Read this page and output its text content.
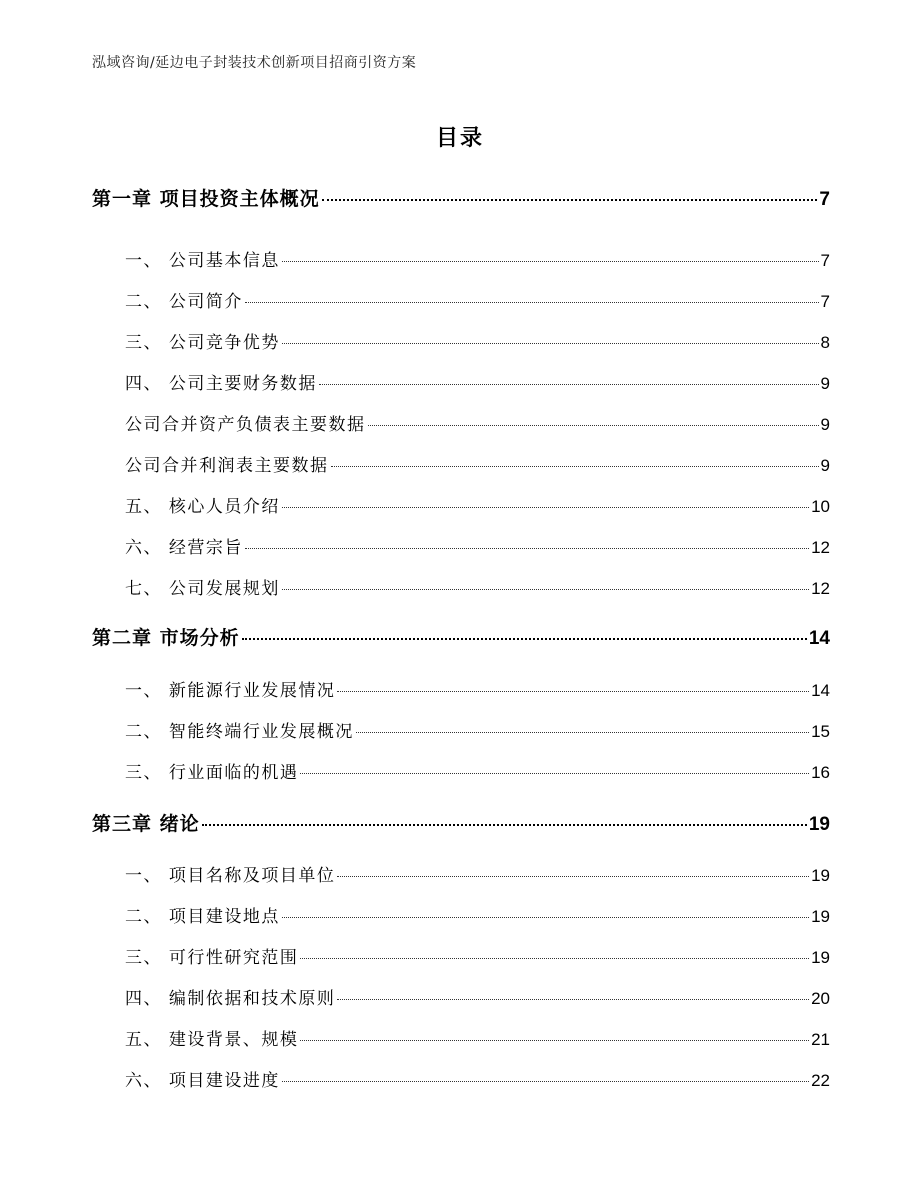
泓域咨询/延边电子封装技术创新项目招商引资方案
目录
第一章 项目投资主体概况	7
一、 公司基本信息	7
二、 公司简介	7
三、 公司竞争优势	8
四、 公司主要财务数据	9
公司合并资产负债表主要数据	9
公司合并利润表主要数据	9
五、 核心人员介绍	10
六、 经营宗旨	12
七、 公司发展规划	12
第二章 市场分析	14
一、 新能源行业发展情况	14
二、 智能终端行业发展概况	15
三、 行业面临的机遇	16
第三章 绪论	19
一、 项目名称及项目单位	19
二、 项目建设地点	19
三、 可行性研究范围	19
四、 编制依据和技术原则	20
五、 建设背景、规模	21
六、 项目建设进度	22
